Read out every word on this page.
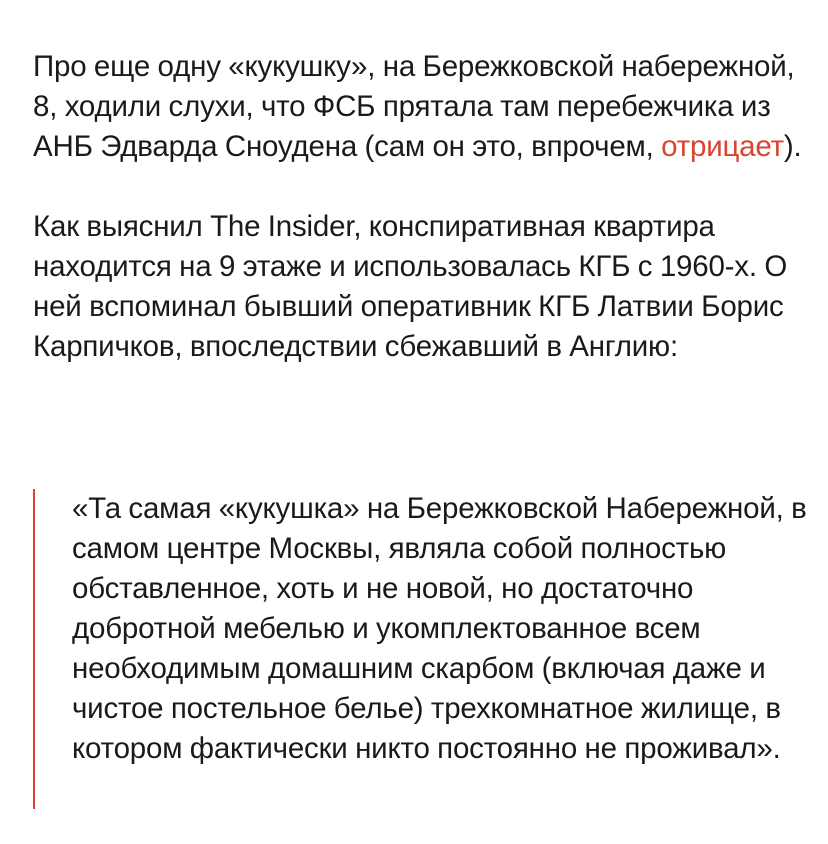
Про еще одну «кукушку», на Бережковской набережной, 8, ходили слухи, что ФСБ прятала там перебежчика из АНБ Эдварда Сноудена (сам он это, впрочем, отрицает).

Как выяснил The Insider, конспиративная квартира находится на 9 этаже и использовалась КГБ с 1960-х. О ней вспоминал бывший оперативник КГБ Латвии Борис Карпичков, впоследствии сбежавший в Англию:

«Та самая «кукушка» на Бережковской Набережной, в самом центре Москвы, являла собой полностью обставленное, хоть и не новой, но достаточно добротной мебелью и укомплектованное всем необходимым домашним скарбом (включая даже и чистое постельное белье) трехкомнатное жилище, в котором фактически никто постоянно не проживал».
